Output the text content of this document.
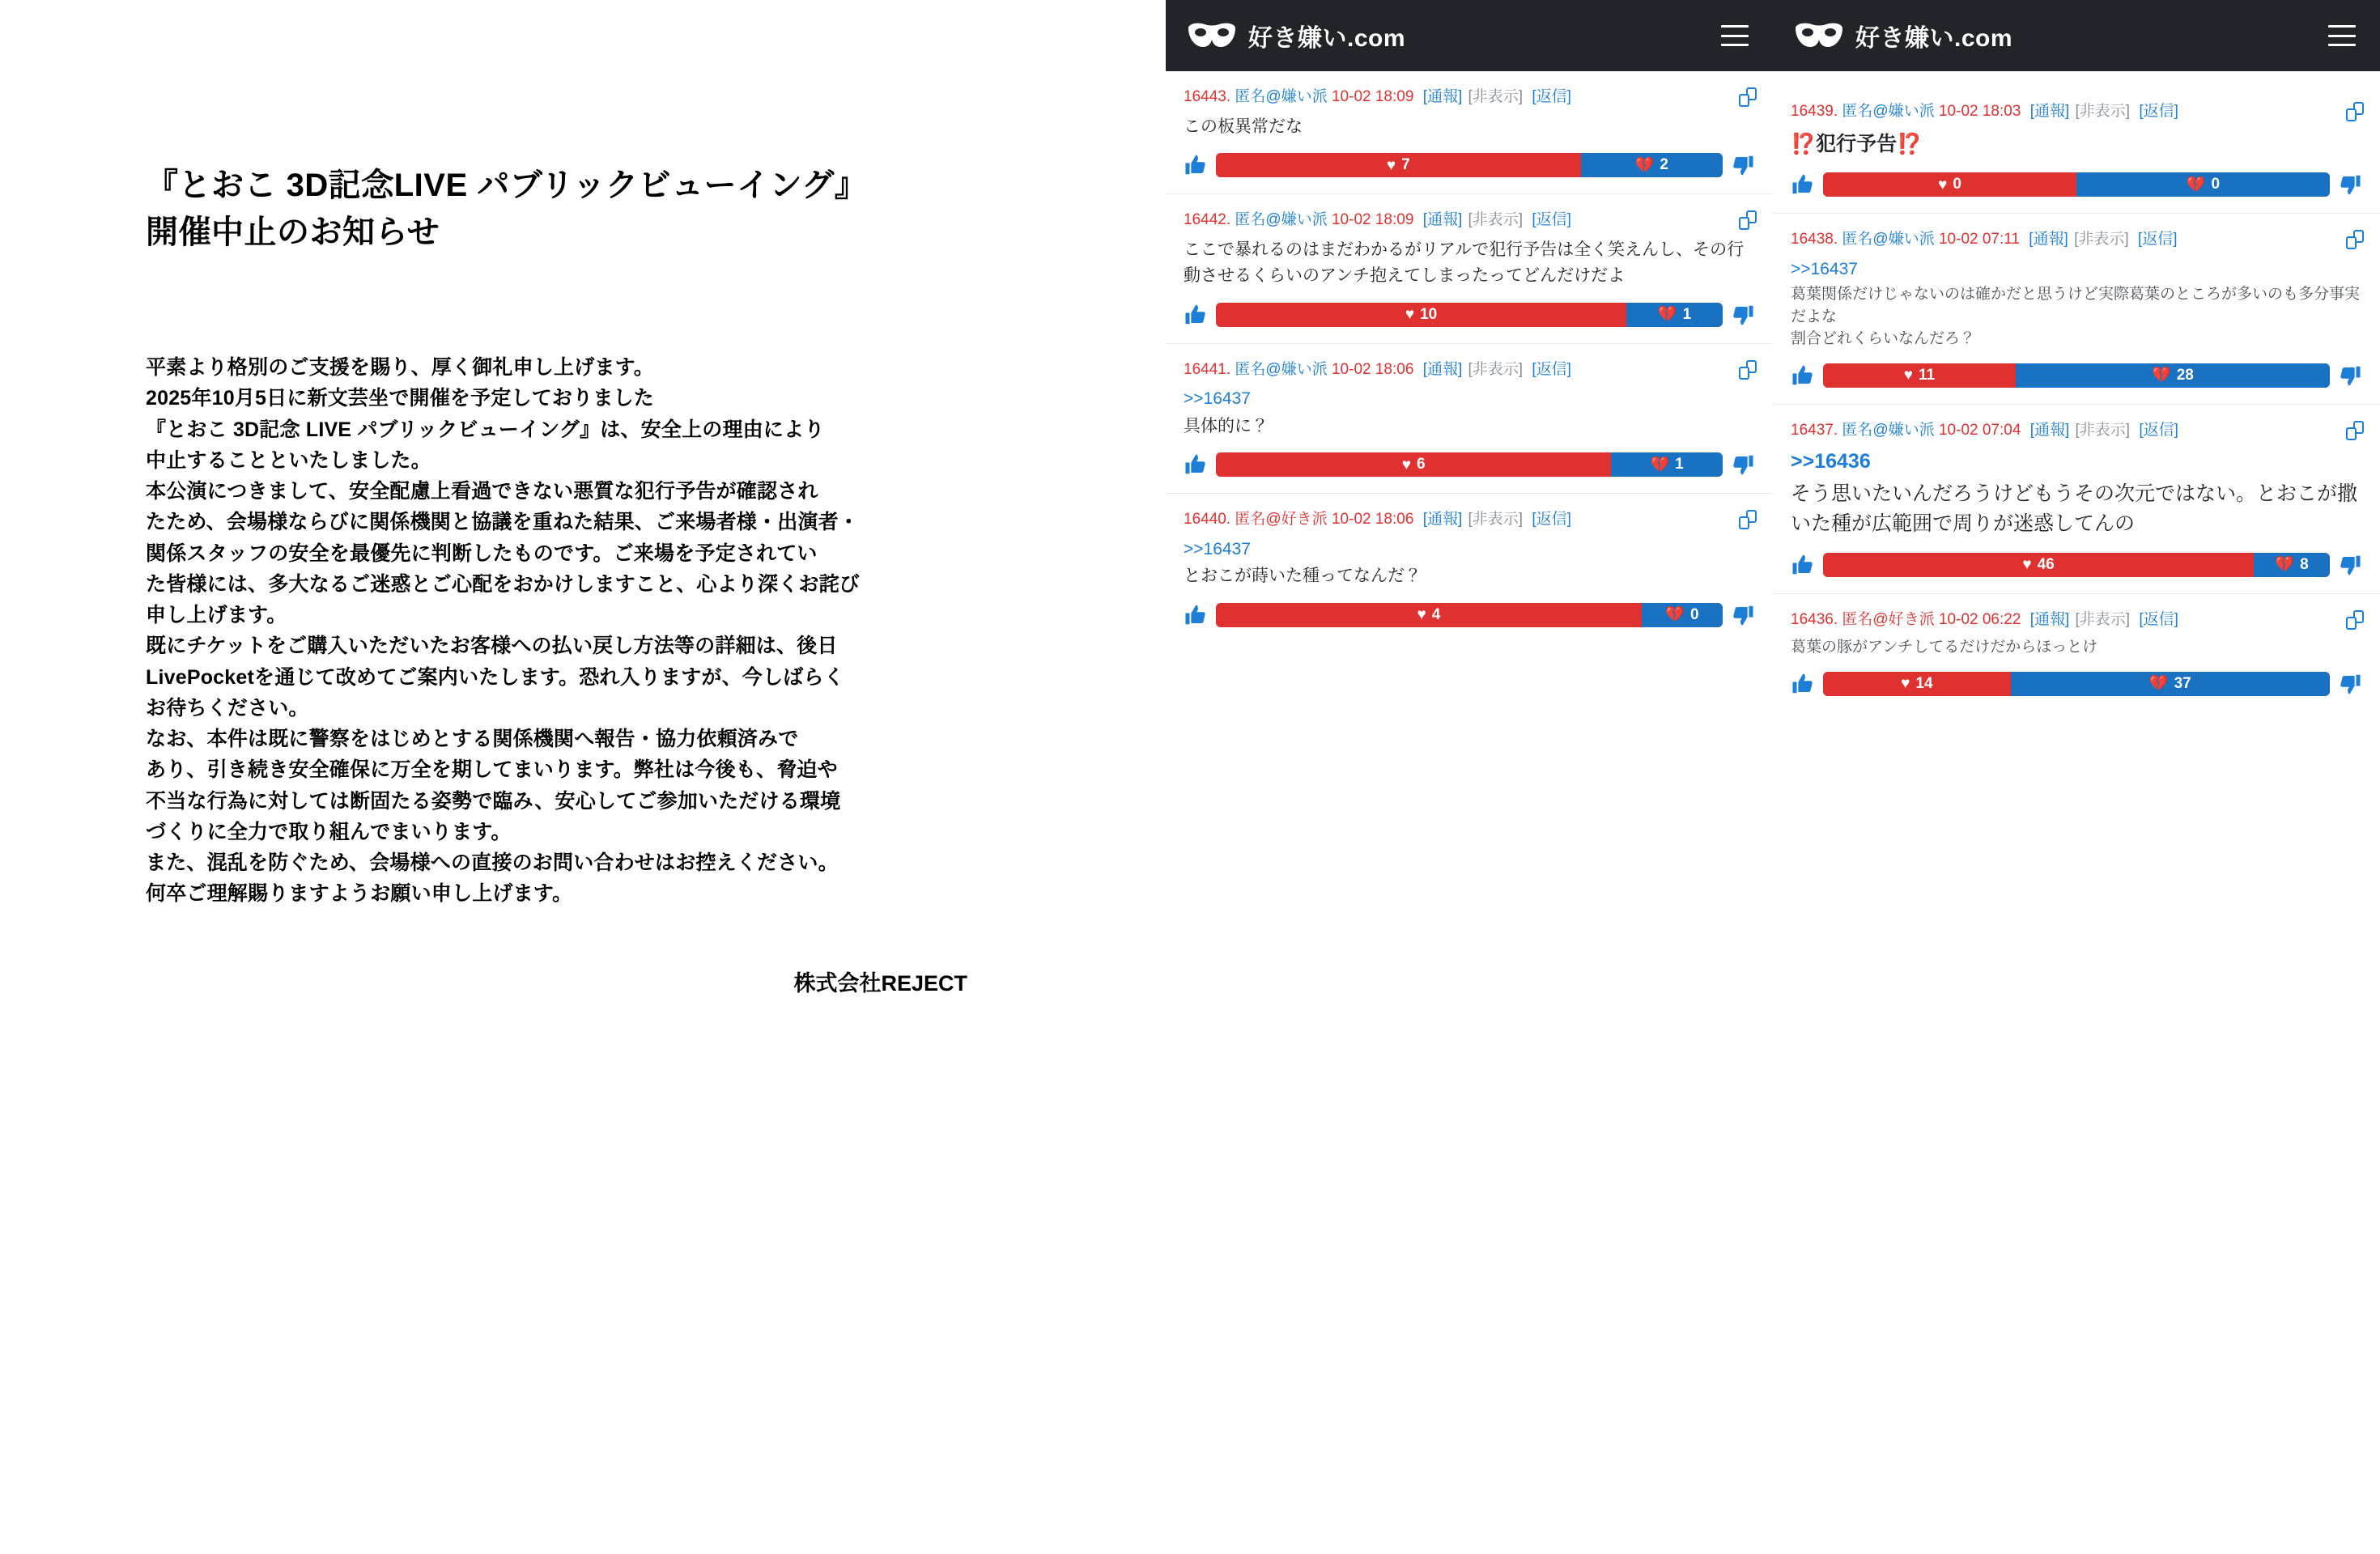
『とおこ 3D記念LIVE パブリックビューイング』
開催中止のお知らせ

平素より格別のご支援を賜り、厚く御礼申し上げます。

2025年10月5日に新文芸坐で開催を予定しておりました

『とおこ 3D記念 LIVE パブリックビューイング』は、安全上の理由により

中止することといたしました。

本公演につきまして、安全配慮上看過できない悪質な犯行予告が確認され

たため、会場様ならびに関係機関と協議を重ねた結果、ご来場者様・出演者・

関係スタッフの安全を最優先に判断したものです。ご来場を予定されてい

た皆様には、多大なるご迷惑とご心配をおかけしますこと、心より深くお詫び

申し上げます。

既にチケットをご購入いただいたお客様への払い戻し方法等の詳細は、後日

LivePocketを通じて改めてご案内いたします。恐れ入りますが、今しばらく

お待ちください。

なお、本件は既に警察をはじめとする関係機関へ報告・協力依頼済みで

あり、引き続き安全確保に万全を期してまいります。弊社は今後も、脅迫や

不当な行為に対しては断固たる姿勢で臨み、安心してご参加いただける環境

づくりに全力で取り組んでまいります。

また、混乱を防ぐため、会場様への直接のお問い合わせはお控えください。

何卒ご理解賜りますようお願い申し上げます。

株式会社REJECT
好き嫌い.com
16443. 匿名@嫌い派 10-02 18:09 [通報] [非表示] [返信]
この板異常だな
♥ 7	💔 2
16442. 匿名@嫌い派 10-02 18:09 [通報] [非表示] [返信]
ここで暴れるのはまだわかるがリアルで犯行予告は全く笑えんし、その行動させるくらいのアンチ抱えてしまったってどんだけだよ
♥ 10	💔 1
16441. 匿名@嫌い派 10-02 18:06 [通報] [非表示] [返信]
>>16437
具体的に？
♥ 6	💔 1
16440. 匿名@好き派 10-02 18:06 [通報] [非表示] [返信]
>>16437
とおこが蒔いた種ってなんだ？
♥ 4	💔 0
好き嫌い.com
16439. 匿名@嫌い派 10-02 18:03 [通報] [非表示] [返信]
⁉️犯行予告⁉️
♥ 0	💔 0
16438. 匿名@嫌い派 10-02 07:11 [通報] [非表示] [返信]
>>16437
葛葉関係だけじゃないのは確かだと思うけど実際葛葉のところが多いのも多分事実だよな
割合どれくらいなんだろ？
♥ 11	💔 28
16437. 匿名@嫌い派 10-02 07:04 [通報] [非表示] [返信]
>>16436
そう思いたいんだろうけどもうその次元ではない。とおこが撒いた種が広範囲で周りが迷惑してんの
♥ 46	💔 8
16436. 匿名@好き派 10-02 06:22 [通報] [非表示] [返信]
葛葉の豚がアンチしてるだけだからほっとけ
♥ 14	💔 37
